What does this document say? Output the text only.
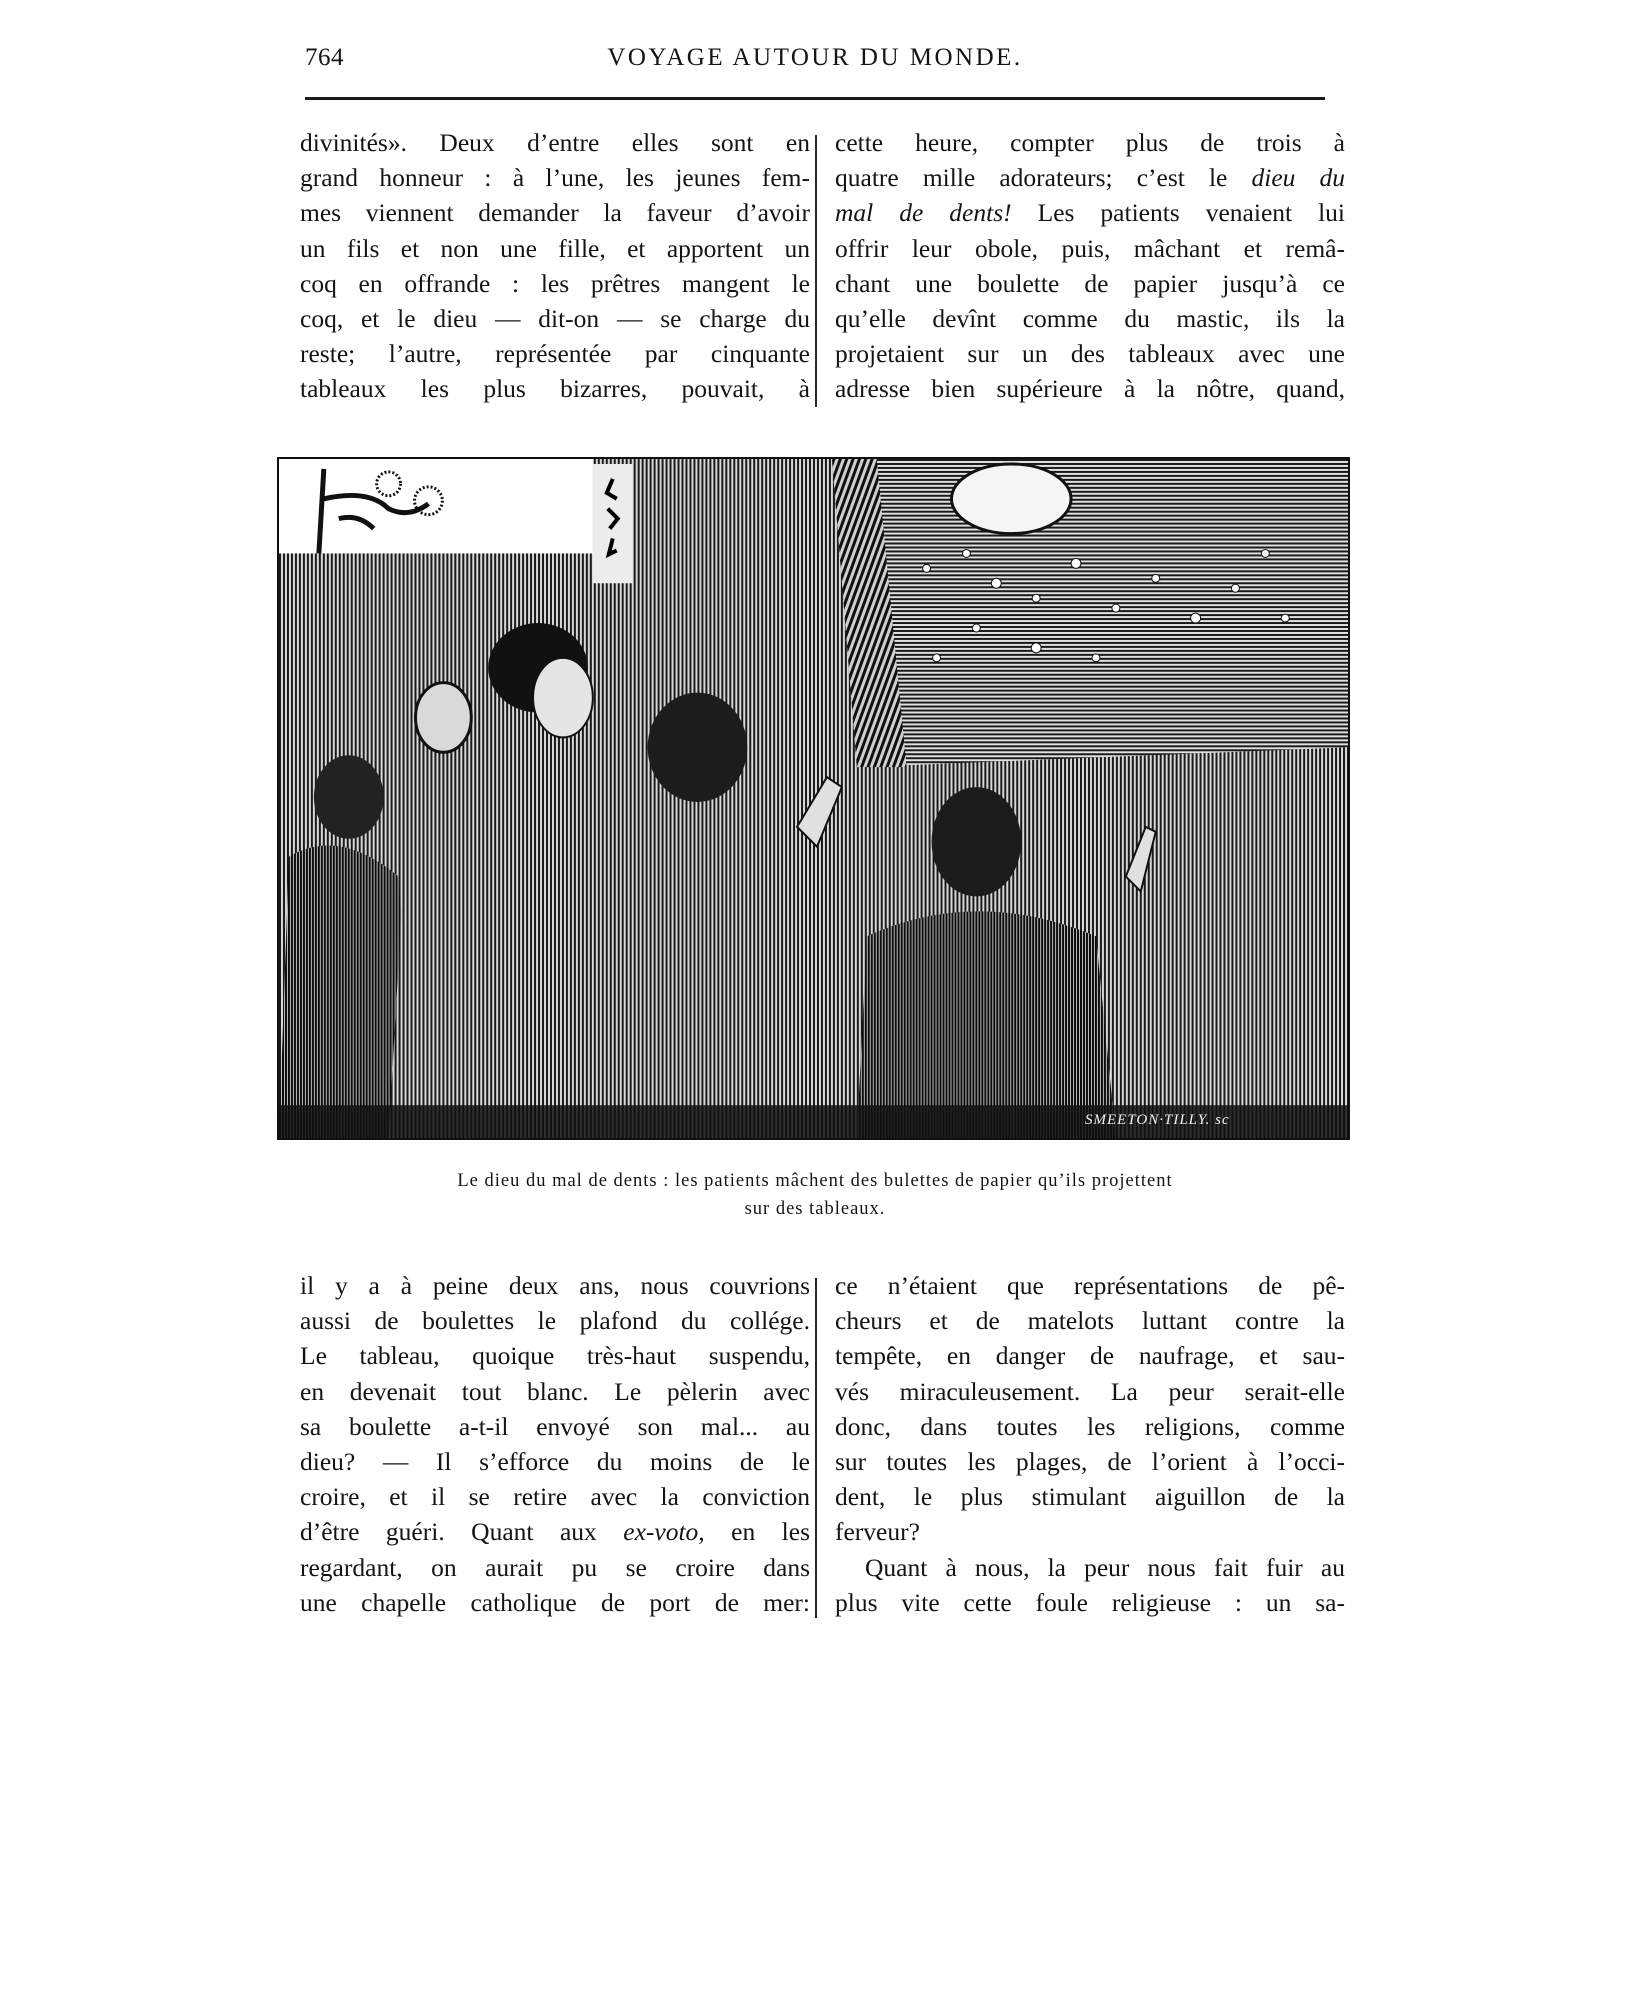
764	VOYAGE AUTOUR DU MONDE.
divinités». Deux d’entre elles sont en
grand honneur : à l’une, les jeunes fem-
mes viennent demander la faveur d’avoir
un fils et non une fille, et apportent un
coq en offrande : les prêtres mangent le
coq, et le dieu — dit-on — se charge du
reste; l’autre, représentée par cinquante
tableaux les plus bizarres, pouvait, à
cette heure, compter plus de trois à
quatre mille adorateurs; c’est le dieu du
mal de dents! Les patients venaient lui
offrir leur obole, puis, mâchant et remâ-
chant une boulette de papier jusqu’à ce
qu’elle devînt comme du mastic, ils la
projetaient sur un des tableaux avec une
adresse bien supérieure à la nôtre, quand,
SMEETON·TILLY. sc
Le dieu du mal de dents : les patients mâchent des bulettes de papier qu’ils projettent
sur des tableaux.
il y a à peine deux ans, nous couvrions
aussi de boulettes le plafond du collége.
Le tableau, quoique très-haut suspendu,
en devenait tout blanc. Le pèlerin avec
sa boulette a-t-il envoyé son mal... au
dieu? — Il s’efforce du moins de le
croire, et il se retire avec la conviction
d’être guéri. Quant aux ex-voto, en les
regardant, on aurait pu se croire dans
une chapelle catholique de port de mer:
ce n’étaient que représentations de pê-
cheurs et de matelots luttant contre la
tempête, en danger de naufrage, et sau-
vés miraculeusement. La peur serait-elle
donc, dans toutes les religions, comme
sur toutes les plages, de l’orient à l’occi-
dent, le plus stimulant aiguillon de la
ferveur?
Quant à nous, la peur nous fait fuir au
plus vite cette foule religieuse : un sa-
